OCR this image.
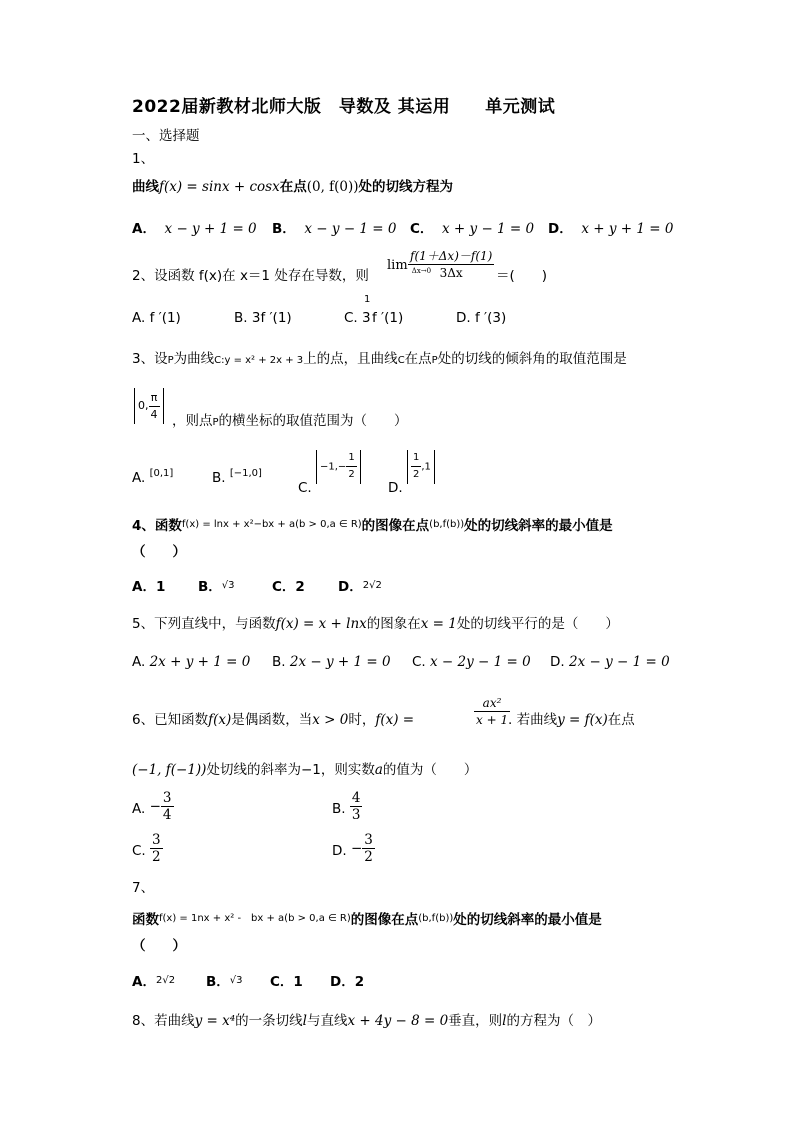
2022届新教材北师大版　导数及 其运用　　单元测试
一、选择题
1、
曲线f(x) = sinx + cosx在点(0, f(0))处的切线方程为
A． x − y + 1 = 0 B． x − y − 1 = 0 C． x + y − 1 = 0 D． x + y + 1 = 0
2、设函数 f(x)在 x＝1 处存在导数，则
lim $_{\Delta x\to 0}$
$\frac{f(1+\Delta x)-f(1)}{3\Delta x}$ ＝(　　)
A. f ′(1)	B. 3f ′(1)	C.
1
3f ′(1)	D. f ′(3)
3、设P为曲线C:y = x² + 2x + 3上的点，且曲线C在点P处的切线的倾斜角的取值范围是
0, $\frac{\pi}{4}$ ，则点P的横坐标的取值范围为（　　）
A. [0,1]	B. [−1,0]
C. $-1,- \frac{1}{2}$
D.
$\frac{1}{2} ,1$
4、函数$^{f(x) = lnx + x^2-bx + a(b > 0,a \in R)}$的图像在点$^{(b,f(b))}$处的切线斜率的最小值是
（　　）
A．1 B．$^{√3}$	C．2 D．$^{2√2}$
5、下列直线中，与函数f(x) = x + lnx的图象在x = 1处的切线平行的是（　　）
A. 2x + y + 1 = 0 B. 2x − y + 1 = 0 C. x − 2y − 1 = 0 D. 2x − y − 1 = 0
6、已知函数f(x)是偶函数，当x > 0时，f(x) =	$\frac{\text{ax²}}{x + 1}$
. 若曲线y = f(x)在点
(−1, f(−1))处切线的斜率为−1，则实数a的值为（　　）
A. − $\frac{3}{4}$	B. $\frac{4}{3}$
C. $\frac{3}{2}$	D. − $\frac{3}{2}$
7、
函数$^{f(x) = 1nx + x^2 - bx + a(b > 0,a \in R)}$的图像在点$^{(b,f(b))}$处的切线斜率的最小值是
（　　）
A．$^{2√2}$ B．$^{√3}$ C．1 D．2
8、若曲线y = x⁴的一条切线l与直线x + 4y − 8 = 0垂直，则l的方程为（　）
